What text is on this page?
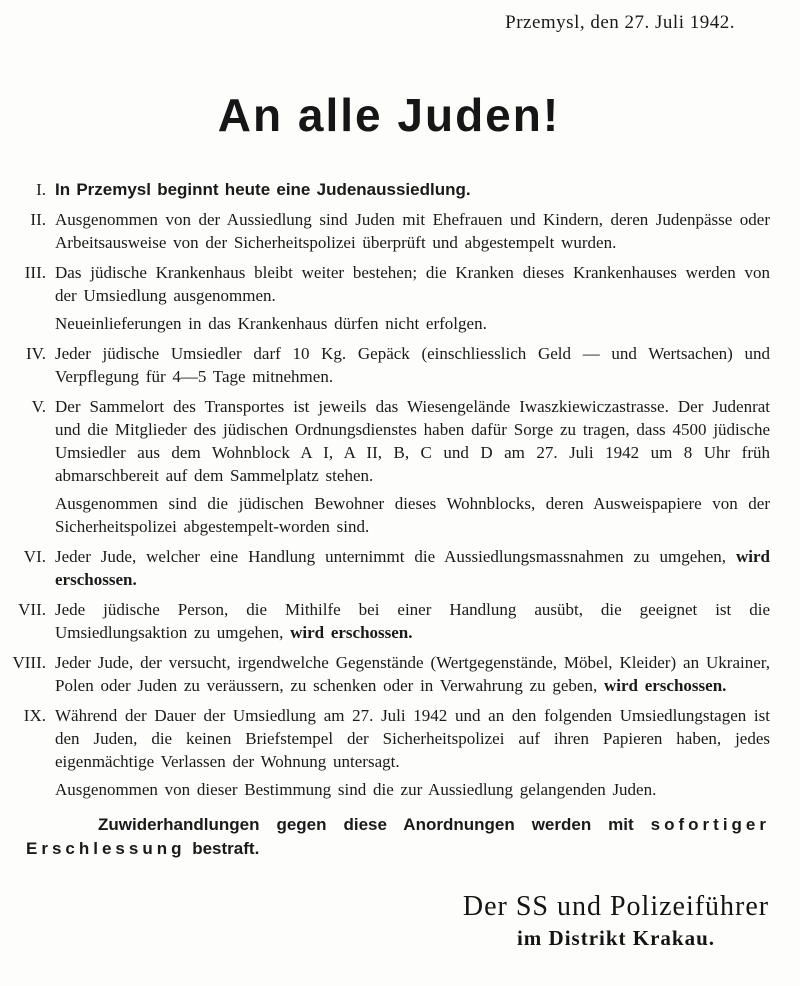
Przemysl, den 27. Juli 1942.
An alle Juden!
I. In Przemysl beginnt heute eine Judenaussiedlung.

II. Ausgenommen von der Aussiedlung sind Juden mit Ehefrauen und Kindern, deren Judenpässe oder Arbeitsausweise von der Sicherheitspolizei überprüft und abgestempelt wurden.

III. Das jüdische Krankenhaus bleibt weiter bestehen; die Kranken dieses Krankenhauses werden von der Umsiedlung ausgenommen.

Neueinlieferungen in das Krankenhaus dürfen nicht erfolgen.

IV. Jeder jüdische Umsiedler darf 10 Kg. Gepäck (einschliesslich Geld — und Wertsachen) und Verpflegung für 4—5 Tage mitnehmen.

V. Der Sammelort des Transportes ist jeweils das Wiesengelände Iwaszkiewiczastrasse. Der Judenrat und die Mitglieder des jüdischen Ordnungsdienstes haben dafür Sorge zu tragen, dass 4500 jüdische Umsiedler aus dem Wohnblock A I, A II, B, C und D am 27. Juli 1942 um 8 Uhr früh abmarschbereit auf dem Sammelplatz stehen.

Ausgenommen sind die jüdischen Bewohner dieses Wohnblocks, deren Ausweispapiere von der Sicherheitspolizei abgestempelt-worden sind.

VI. Jeder Jude, welcher eine Handlung unternimmt die Aussiedlungsmassnahmen zu umgehen, wird erschossen.

VII. Jede jüdische Person, die Mithilfe bei einer Handlung ausübt, die geeignet ist die Umsiedlungsaktion zu umgehen, wird erschossen.

VIII. Jeder Jude, der versucht, irgendwelche Gegenstände (Wertgegenstände, Möbel, Kleider) an Ukrainer, Polen oder Juden zu veräussern, zu schenken oder in Verwahrung zu geben, wird erschossen.

IX. Während der Dauer der Umsiedlung am 27. Juli 1942 und an den folgenden Umsiedlungstagen ist den Juden, die keinen Briefstempel der Sicherheitspolizei auf ihren Papieren haben, jedes eigenmächtige Verlassen der Wohnung untersagt.

Ausgenommen von dieser Bestimmung sind die zur Aussiedlung gelangenden Juden.

Zuwiderhandlungen gegen diese Anordnungen werden mit sofortiger Erschlessung bestraft.

Der SS und Polizeiführer
im Distrikt Krakau.
